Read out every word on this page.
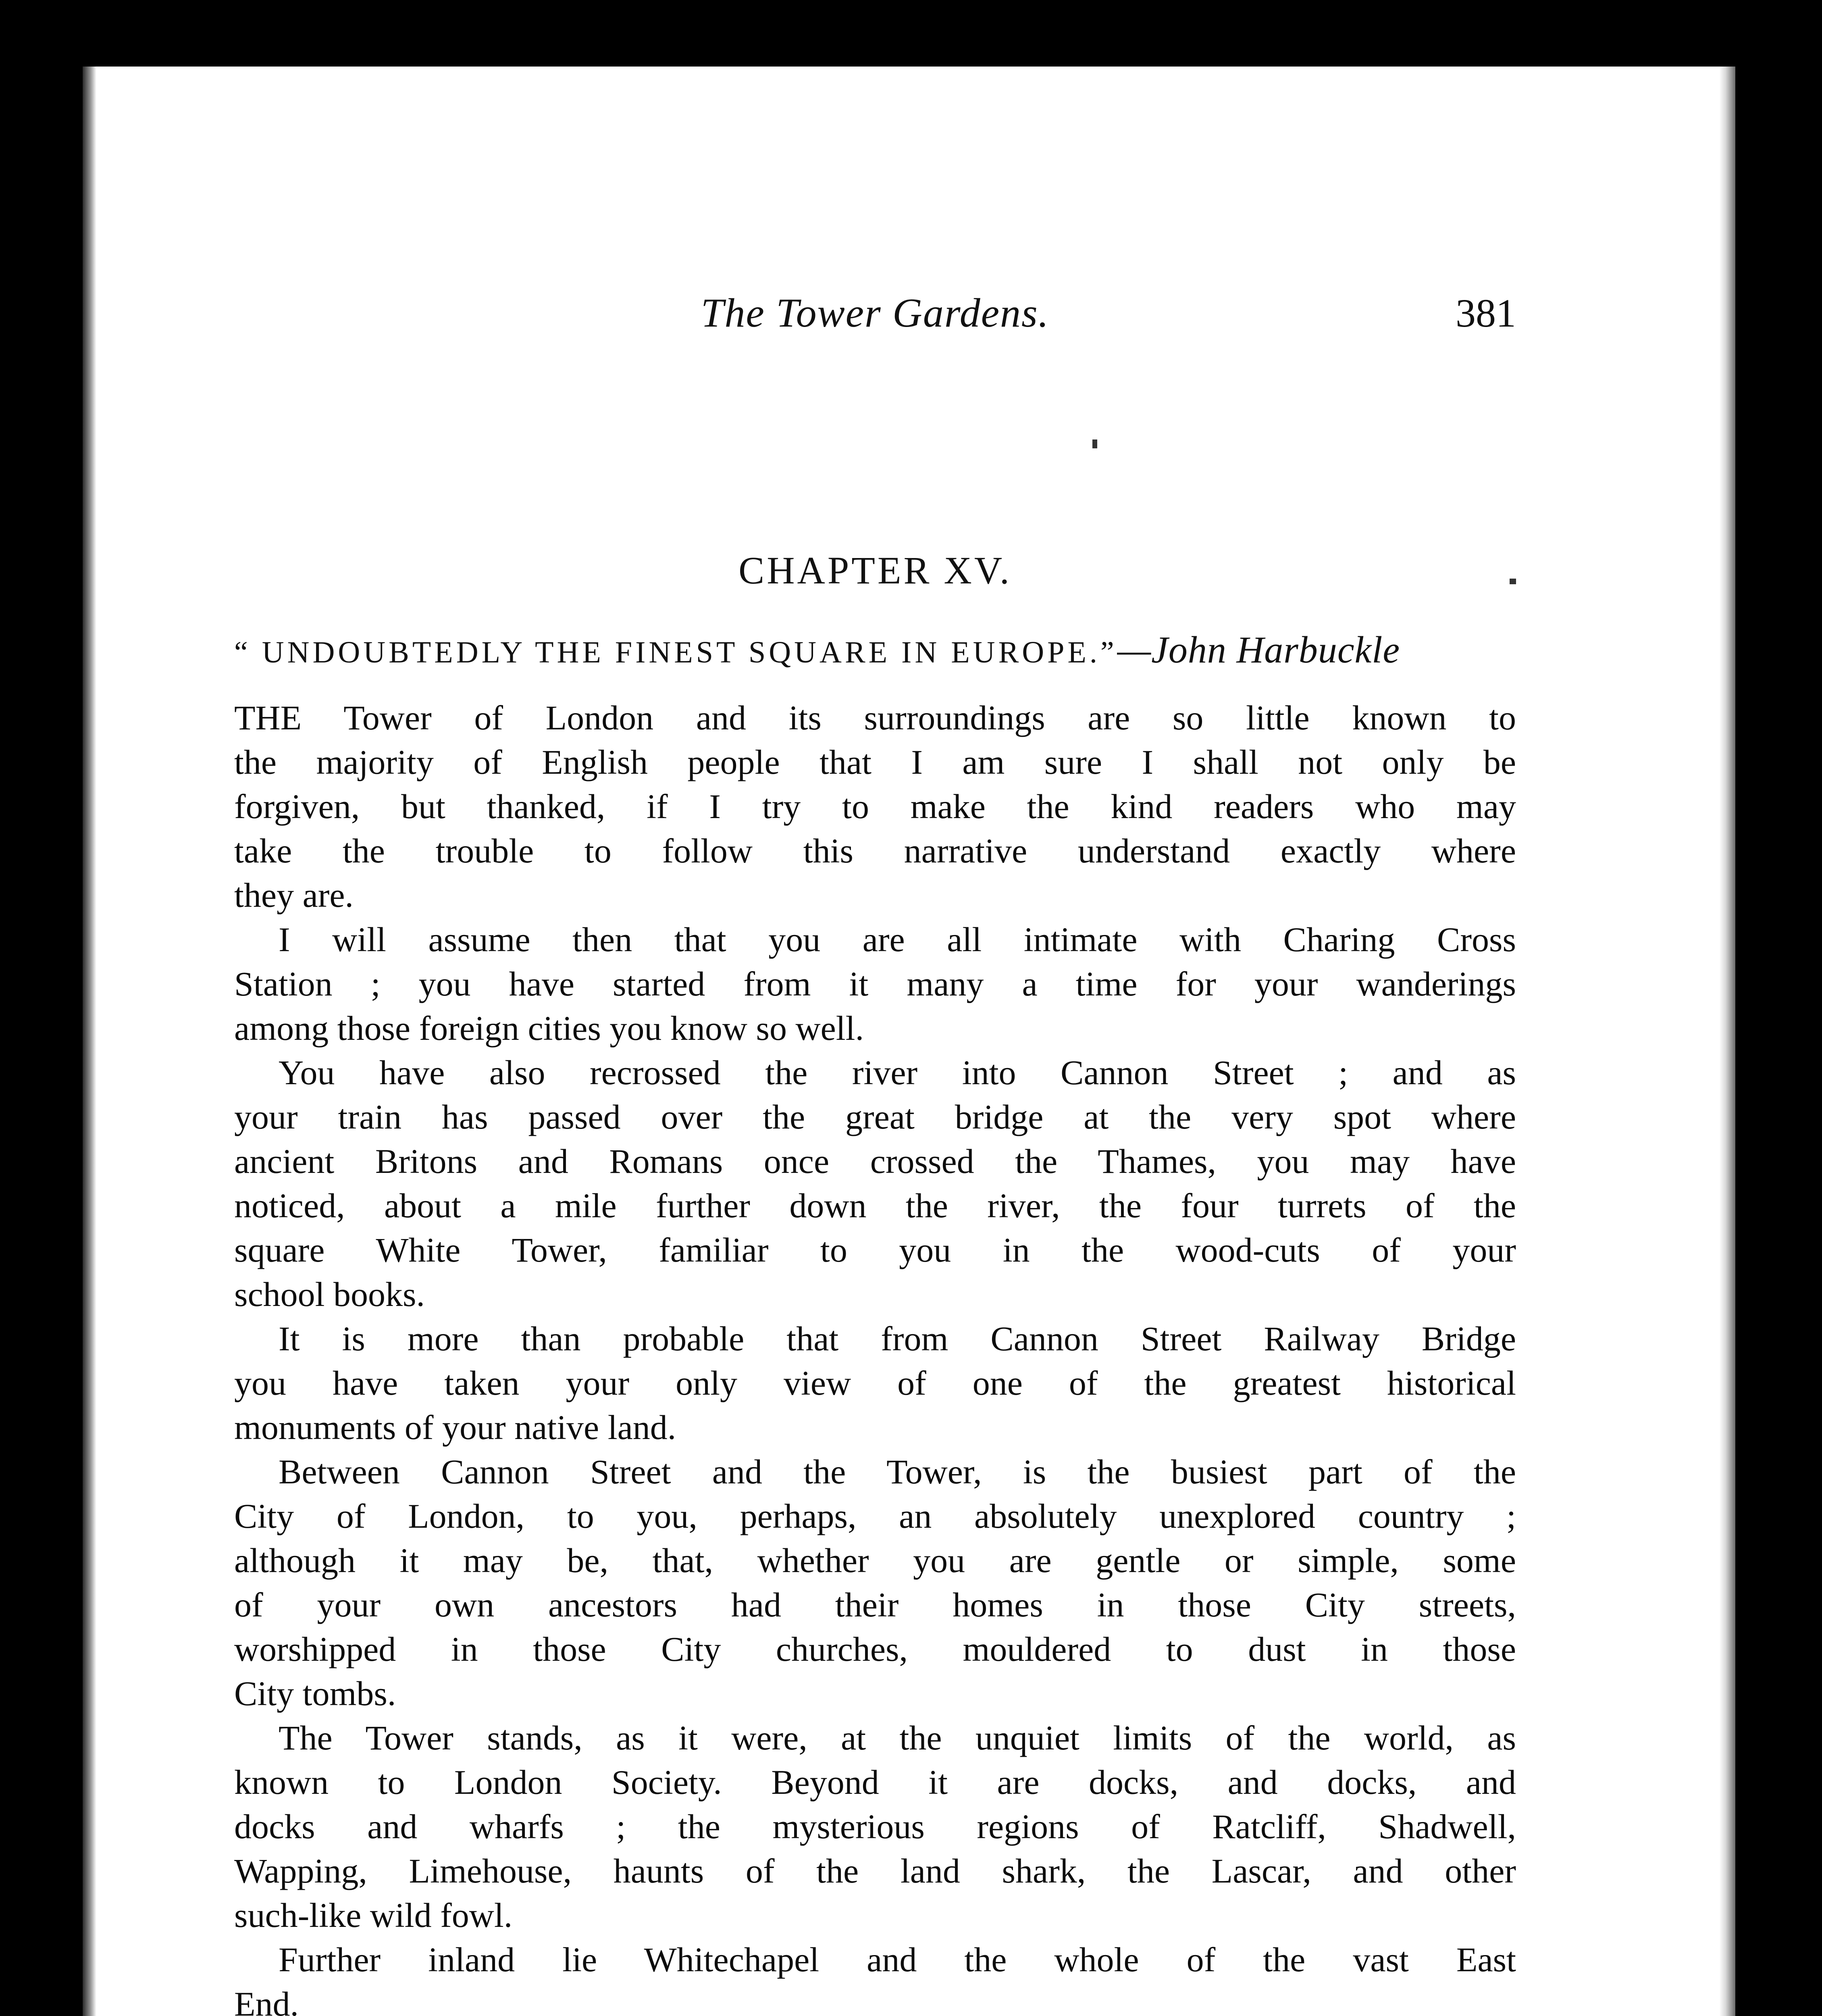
The Tower Gardens.	381
CHAPTER XV.
“ UNDOUBTEDLY THE FINEST SQUARE IN EUROPE.”—John Harbuckle
THE Tower of London and its surroundings are so little known to
the majority of English people that I am sure I shall not only be
forgiven, but thanked, if I try to make the kind readers who may
take the trouble to follow this narrative understand exactly where
they are.
I will assume then that you are all intimate with Charing Cross
Station ; you have started from it many a time for your wanderings
among those foreign cities you know so well.
You have also recrossed the river into Cannon Street ; and as
your train has passed over the great bridge at the very spot where
ancient Britons and Romans once crossed the Thames, you may have
noticed, about a mile further down the river, the four turrets of the
square White Tower, familiar to you in the wood-cuts of your
school books.
It is more than probable that from Cannon Street Railway Bridge
you have taken your only view of one of the greatest historical
monuments of your native land.
Between Cannon Street and the Tower, is the busiest part of the
City of London, to you, perhaps, an absolutely unexplored country ;
although it may be, that, whether you are gentle or simple, some
of your own ancestors had their homes in those City streets,
worshipped in those City churches, mouldered to dust in those
City tombs.
The Tower stands, as it were, at the unquiet limits of the world, as
known to London Society. Beyond it are docks, and docks, and
docks and wharfs ; the mysterious regions of Ratcliff, Shadwell,
Wapping, Limehouse, haunts of the land shark, the Lascar, and other
such-like wild fowl.
Further inland lie Whitechapel and the whole of the vast East
End.
